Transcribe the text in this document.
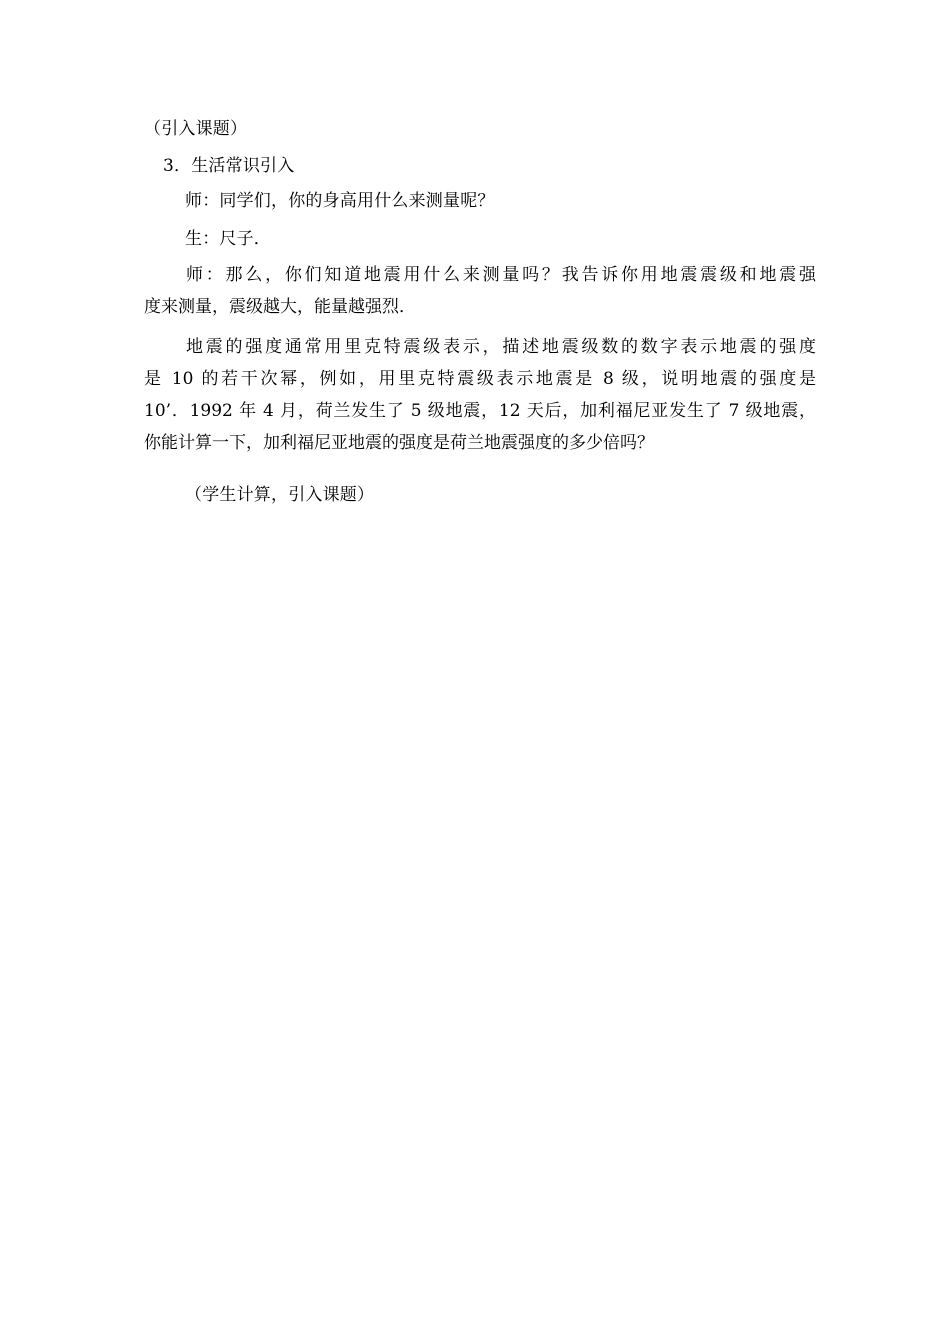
（引入课题）
3．生活常识引入
师：同学们，你的身高用什么来测量呢？
生：尺子．
师：那么，你们知道地震用什么来测量吗？我告诉你用地震震级和地震强
度来测量，震级越大，能量越强烈．
地震的强度通常用里克特震级表示，描述地震级数的数字表示地震的强度
是 10 的若干次幂，例如，用里克特震级表示地震是 8 级，说明地震的强度是
10’．1992 年 4 月，荷兰发生了 5 级地震，12 天后，加利福尼亚发生了 7 级地震，
你能计算一下，加利福尼亚地震的强度是荷兰地震强度的多少倍吗？
（学生计算，引入课题）
